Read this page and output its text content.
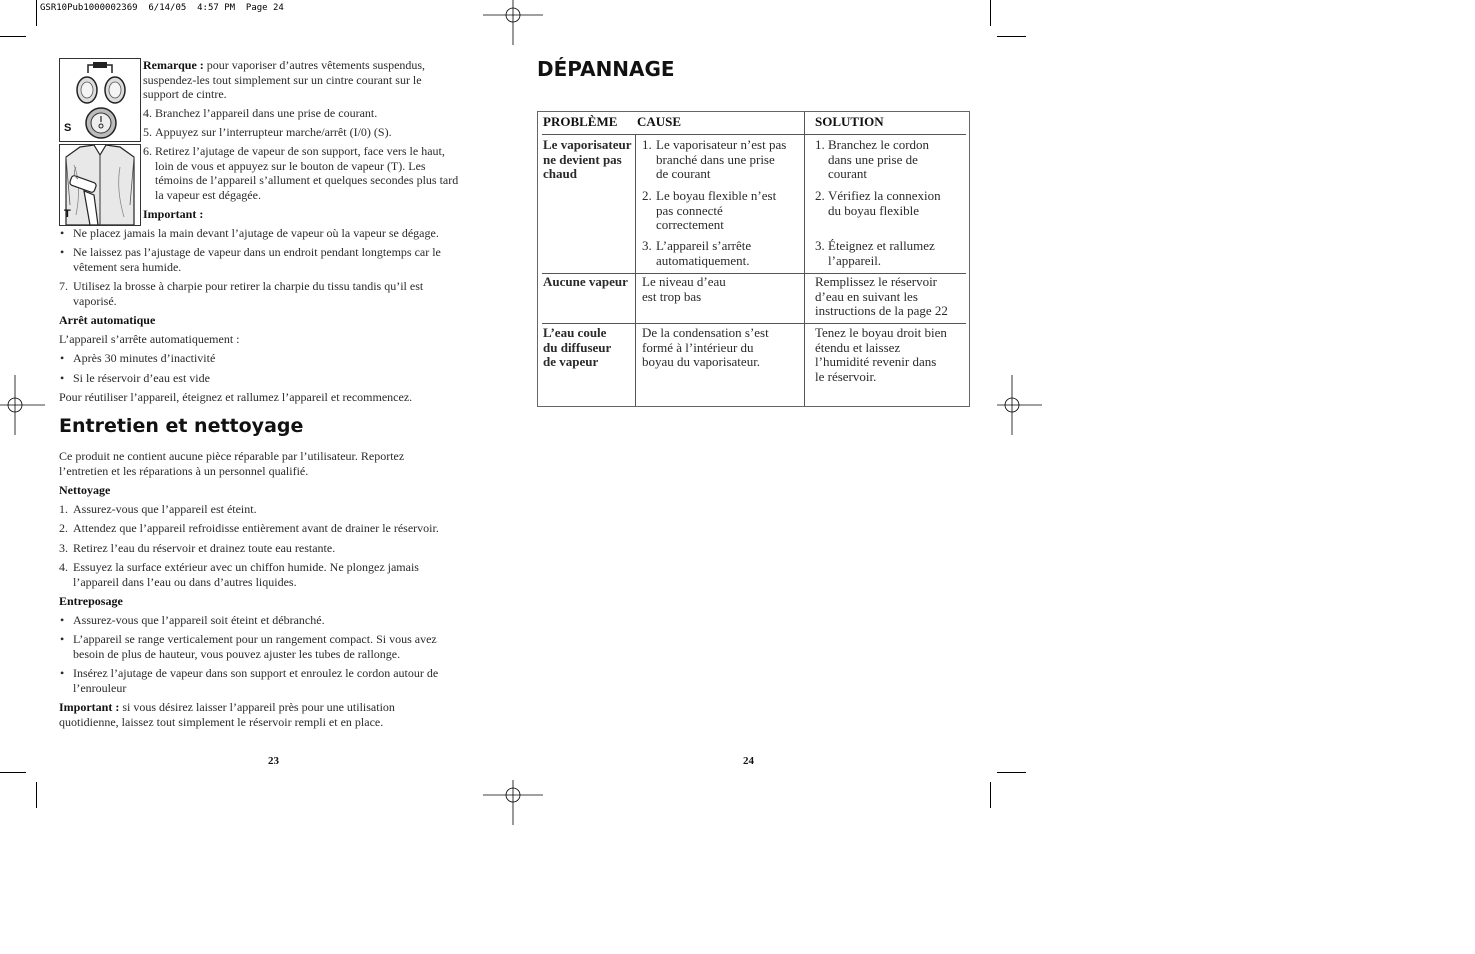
GSR10Pub1000002369  6/14/05  4:57 PM  Page 24
S
T

Remarque : pour vaporiser d’autres vêtements suspendus,

suspendez-les tout simplement sur un cintre courant sur le

support de cintre.

4. Branchez l’appareil dans une prise de courant.

5. Appuyez sur l’interrupteur marche/arrêt (I/0) (S).

6. Retirez l’ajutage de vapeur de son support, face vers le haut,

loin de vous et appuyez sur le bouton de vapeur (T). Les

témoins de l’appareil s’allument et quelques secondes plus tard

la vapeur est dégagée.

Important :
• Ne placez jamais la main devant l’ajutage de vapeur où la vapeur se dégage.

• Ne laissez pas l’ajustage de vapeur dans un endroit pendant longtemps car le

vêtement sera humide.

7. Utilisez la brosse à charpie pour retirer la charpie du tissu tandis qu’il est

vaporisé.

Arrêt automatique
L’appareil s’arrête automatiquement :
• Après 30 minutes d’inactivité

• Si le réservoir d’eau est vide

Pour réutiliser l’appareil, éteignez et rallumez l’appareil et recommencez.
Entretien et nettoyage

Ce produit ne contient aucune pièce réparable par l’utilisateur. Reportez

l’entretien et les réparations à un personnel qualifié.

Nettoyage
1. Assurez-vous que l’appareil est éteint.

2. Attendez que l’appareil refroidisse entièrement avant de drainer le réservoir.

3. Retirez l’eau du réservoir et drainez toute eau restante.

4. Essuyez la surface extérieur avec un chiffon humide. Ne plongez jamais

l’appareil dans l’eau ou dans d’autres liquides.

Entreposage
• Assurez-vous que l’appareil soit éteint et débranché.

• L’appareil se range verticalement pour un rangement compact. Si vous avez

besoin de plus de hauteur, vous pouvez ajuster les tubes de rallonge.

• Insérez l’ajutage de vapeur dans son support et enroulez le cordon autour de

l’enrouleur

Important : si vous désirez laisser l’appareil près pour une utilisation

quotidienne, laissez tout simplement le réservoir rempli et en place.

23
DÉPANNAGE
PROBLÈME CAUSE	SOLUTION
Le vaporisateur
ne devient pas
chaud
1. Le vaporisateur n’est pas
branché dans une prise
de courant
2. Le boyau flexible n’est
pas connecté
correctement
3. L’appareil s’arrête
automatiquement.
1. Branchez le cordon
dans une prise de
courant
2. Vérifiez la connexion
du boyau flexible
3. Éteignez et rallumez
l’appareil.
Aucune vapeur Le niveau d’eau
est trop bas
Remplissez le réservoir
d’eau en suivant les
instructions de la page 22
L’eau coule
du diffuseur
de vapeur
De la condensation s’est
formé à l’intérieur du
boyau du vaporisateur.
Tenez le boyau droit bien
étendu et laissez
l’humidité revenir dans
le réservoir.
24
